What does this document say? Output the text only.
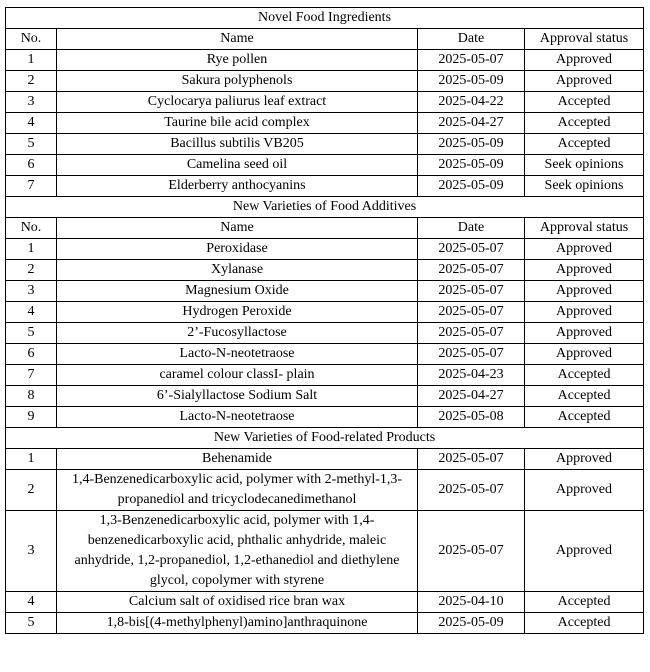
Novel Food Ingredients			
No.	Name	Date	Approval status
1	Rye pollen	2025-05-07	Approved
2	Sakura polyphenols	2025-05-09	Approved
3	Cyclocarya paliurus leaf extract	2025-04-22	Accepted
4	Taurine bile acid complex	2025-04-27	Accepted
5	Bacillus subtilis VB205	2025-05-09	Accepted
6	Camelina seed oil	2025-05-09	Seek opinions
7	Elderberry anthocyanins	2025-05-09	Seek opinions
New Varieties of Food Additives			
No.	Name	Date	Approval status
1	Peroxidase	2025-05-07	Approved
2	Xylanase	2025-05-07	Approved
3	Magnesium Oxide	2025-05-07	Approved
4	Hydrogen Peroxide	2025-05-07	Approved
5	2’-Fucosyllactose	2025-05-07	Approved
6	Lacto-N-neotetraose	2025-05-07	Approved
7	caramel colour classI- plain	2025-04-23	Accepted
8	6’-Sialyllactose Sodium Salt	2025-04-27	Accepted
9	Lacto-N-neotetraose	2025-05-08	Accepted
New Varieties of Food-related Products			
1	Behenamide	2025-05-07	Approved
2	1,4-Benzenedicarboxylic acid, polymer with 2-methyl-1,3-propanediol and tricyclodecanedimethanol	2025-05-07	Approved
3	1,3-Benzenedicarboxylic acid, polymer with 1,4-benzenedicarboxylic acid, phthalic anhydride, maleic anhydride, 1,2-propanediol, 1,2-ethanediol and diethylene glycol, copolymer with styrene	2025-05-07	Approved
4	Calcium salt of oxidised rice bran wax	2025-04-10	Accepted
5	1,8-bis[(4-methylphenyl)amino]anthraquinone	2025-05-09	Accepted
